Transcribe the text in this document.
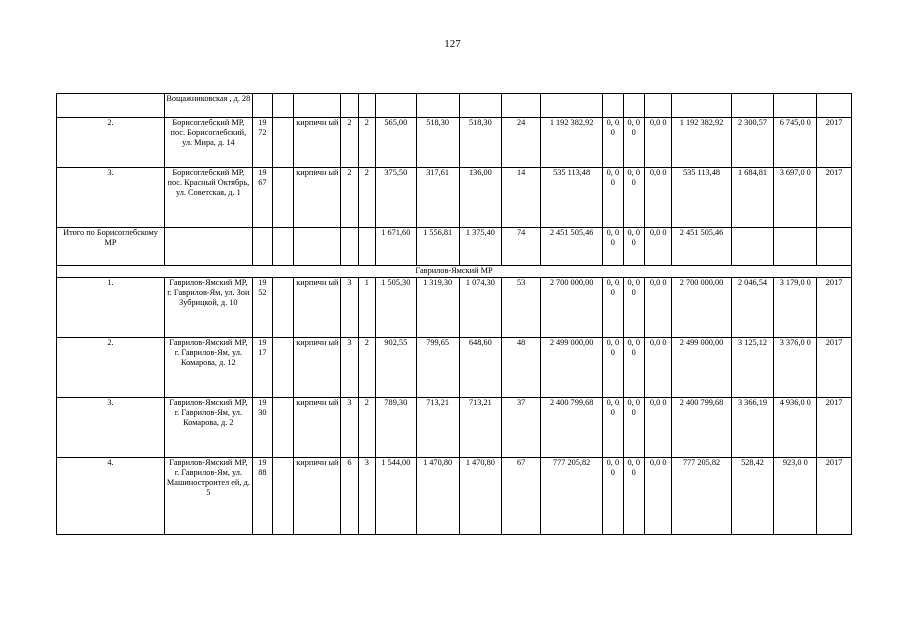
127
	Вощажниковская , д. 28																	
2.	Борисоглебский МР, пос. Борисоглебский, ул. Мира, д. 14	19 72		кирпичн ый	2	2	565,00	518,30	518,30	24	1 192 382,92	0, 0 0	0, 0 0	0,0 0	1 192 382,92	2 300,57	6 745,0 0	2017
3.	Борисоглебский МР, пос. Красный Октябрь, ул. Советская, д. 1	19 67		кирпичн ый	2	2	375,50	317,61	136,00	14	535 113,48	0, 0 0	0, 0 0	0,0 0	535 113,48	1 684,81	3 697,0 0	2017
Итого по Борисоглебскому МР							1 671,60	1 556,81	1 375,40	74	2 451 505,46	0, 0 0	0, 0 0	0,0 0	2 451 505,46			
Гаврилов-Ямский МР																		
1.	Гаврилов-Ямский МР, г. Гаврилов-Ям, ул. Зои Зубрицкой, д. 10	19 52		кирпичн ый	3	1	1 505,30	1 319,30	1 074,30	53	2 700 000,00	0, 0 0	0, 0 0	0,0 0	2 700 000,00	2 046,54	3 179,0 0	2017
2.	Гаврилов-Ямский МР, г. Гаврилов-Ям, ул. Комарова, д. 12	19 17		кирпичн ый	3	2	902,55	799,65	648,60	48	2 499 000,00	0, 0 0	0, 0 0	0,0 0	2 499 000,00	3 125,12	3 376,0 0	2017
3.	Гаврилов-Ямский МР, г. Гаврилов-Ям, ул. Комарова, д. 2	19 30		кирпичн ый	3	2	789,30	713,21	713,21	37	2 400 799,68	0, 0 0	0, 0 0	0,0 0	2 400 799,68	3 366,19	4 936,0 0	2017
4.	Гаврилов-Ямский МР, г. Гаврилов-Ям, ул. Машиностроител ей, д. 5	19 88		кирпичн ый	6	3	1 544,00	1 470,80	1 470,80	67	777 205,82	0, 0 0	0, 0 0	0,0 0	777 205,82	528,42	923,0 0	2017
